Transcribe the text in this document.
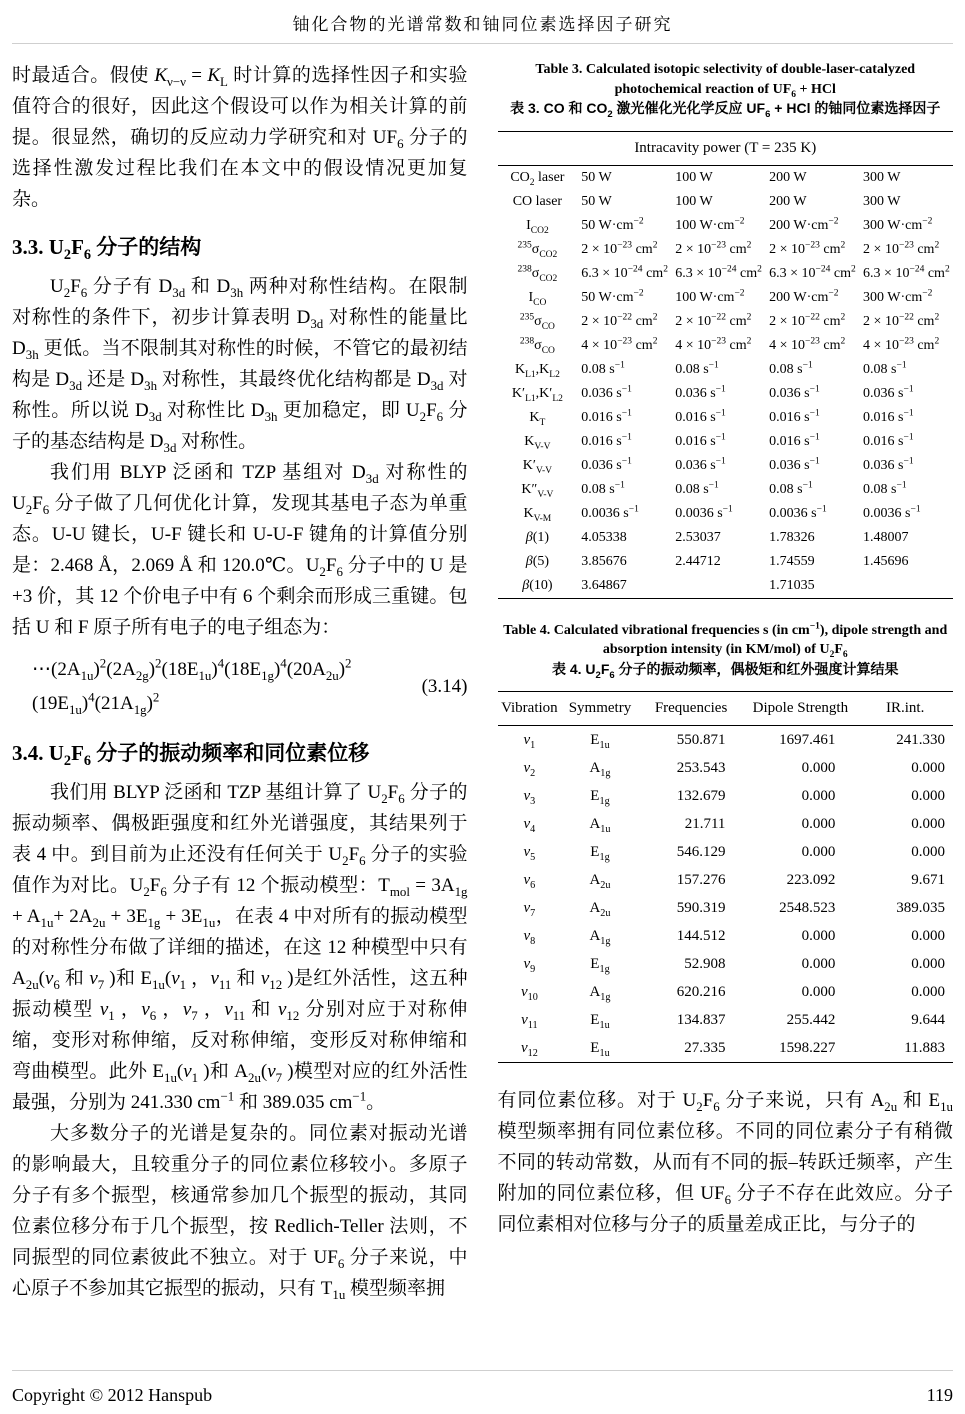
铀化合物的光谱常数和铀同位素选择因子研究

时最适合。假使 $K_{\nu-\nu} = K_L$ 时计算的选择性因子和实验值符合的很好，因此这个假设可以作为相关计算的前提。很显然，确切的反应动力学研究和对 $UF_6$ 分子的选择性激发过程比我们在本文中的假设情况更加复杂。

3.3. $U_2F_6$ 分子的结构

$U_2F_6$ 分子有 $D_{3d}$ 和 $D_{3h}$ 两种对称性结构。在限制对称性的条件下，初步计算表明 $D_{3d}$ 对称性的能量比 $D_{3h}$ 更低。当不限制其对称性的时候，不管它的最初结构是 $D_{3d}$ 还是 $D_{3h}$ 对称性，其最终优化结构都是 $D_{3d}$ 对称性。所以说 $D_{3d}$ 对称性比 $D_{3h}$ 更加稳定，即 $U_2F_6$ 分子的基态结构是 $D_{3d}$ 对称性。

我们用 BLYP 泛函和 TZP 基组对 $D_{3d}$ 对称性的 $U_2F_6$ 分子做了几何优化计算，发现其基电子态为单重态。U-U 键长，U-F 键长和 U-U-F 键角的计算值分别是：2.468 Å，2.069 Å 和 120.0℃。$U_2F_6$ 分子中的 U 是+3 价，其 12 个价电子中有 6 个剩余而形成三重键。包括 U 和 F 原子所有电子的电子组态为：

$\cdots(2A_{1u})^2(2A_{2g})^2(18E_{1u})^4(18E_{1g})^4(20A_{2u})^2$
$(19E_{1u})^4(21A_{1g})^2$
(3.14)
3.4. $U_2F_6$ 分子的振动频率和同位素位移

我们用 BLYP 泛函和 TZP 基组计算了 $U_2F_6$ 分子的振动频率、偶极距强度和红外光谱强度，其结果列于表 4 中。到目前为止还没有任何关于 $U_2F_6$ 分子的实验值作为对比。$U_2F_6$ 分子有 12 个振动模型：$T_{mol} = 3A_{1g} + A_{1u}+ 2A_{2u} + 3E_{1g} + 3E_{1u}$，在表 4 中对所有的振动模型的对称性分布做了详细的描述，在这 12 种模型中只有 $A_{2u}(\nu_6$ 和 $\nu_7$ )和 $E_{1u}(\nu_1$ ，$\nu_{11}$ 和 $\nu_{12}$ )是红外活性，这五种振动模型 $\nu_1$ ，$\nu_6$ ，$\nu_7$ ，$\nu_{11}$ 和 $\nu_{12}$ 分别对应于对称伸缩，变形对称伸缩，反对称伸缩，变形反对称伸缩和弯曲模型。此外 $E_{1u}(\nu_1$ )和 $A_{2u}(\nu_7$ )模型对应的红外活性最强，分别为 241.330 $cm^{-1}$ 和 389.035 $cm^{-1}$。

大多数分子的光谱是复杂的。同位素对振动光谱的影响最大，且较重分子的同位素位移较小。多原子分子有多个振型，核通常参加几个振型的振动，其同位素位移分布于几个振型，按 Redlich-Teller 法则，不同振型的同位素彼此不独立。对于 $UF_6$ 分子来说，中心原子不参加其它振型的振动，只有 $T_{1u}$ 模型频率拥

Table 3. Calculated isotopic selectivity of double-laser-catalyzed photochemical reaction of $UF_6$ + HCl
表 3. CO 和 $CO_2$ 激光催化光化学反应 $UF_6$ + HCl 的铀同位素选择因子
Intracavity power (T = 235 K)				
$CO_2$ laser	50 W	100 W	200 W	300 W
CO laser	50 W	100 W	200 W	300 W
$I_{CO2}$	50 $W\cdot cm^{-2}$	100 $W\cdot cm^{-2}$	200 $W\cdot cm^{-2}$	300 $W\cdot cm^{-2}$
$^{235}\sigma_{CO2}$	$2 \times 10^{-23}$ $cm^2$	$2 \times 10^{-23}$ $cm^2$	$2 \times 10^{-23}$ $cm^2$	$2 \times 10^{-23}$ $cm^2$
$^{238}\sigma_{CO2}$	$6.3 \times 10^{-24}$ $cm^2$	$6.3 \times 10^{-24}$ $cm^2$	$6.3 \times 10^{-24}$ $cm^2$	$6.3 \times 10^{-24}$ $cm^2$
$I_{CO}$	50 $W\cdot cm^{-2}$	100 $W\cdot cm^{-2}$	200 $W\cdot cm^{-2}$	300 $W\cdot cm^{-2}$
$^{235}\sigma_{CO}$	$2 \times 10^{-22}$ $cm^2$	$2 \times 10^{-22}$ $cm^2$	$2 \times 10^{-22}$ $cm^2$	$2 \times 10^{-22}$ $cm^2$
$^{238}\sigma_{CO}$	$4 \times 10^{-23}$ $cm^2$	$4 \times 10^{-23}$ $cm^2$	$4 \times 10^{-23}$ $cm^2$	$4 \times 10^{-23}$ $cm^2$
$K_{L1},K_{L2}$	0.08 $s^{-1}$	0.08 $s^{-1}$	0.08 $s^{-1}$	0.08 $s^{-1}$
$K'_{L1},K'_{L2}$	0.036 $s^{-1}$	0.036 $s^{-1}$	0.036 $s^{-1}$	0.036 $s^{-1}$
$K_T$	0.016 $s^{-1}$	0.016 $s^{-1}$	0.016 $s^{-1}$	0.016 $s^{-1}$
$K_{V-V}$	0.016 $s^{-1}$	0.016 $s^{-1}$	0.016 $s^{-1}$	0.016 $s^{-1}$
$K'_{V-V}$	0.036 $s^{-1}$	0.036 $s^{-1}$	0.036 $s^{-1}$	0.036 $s^{-1}$
$K''_{V-V}$	0.08 $s^{-1}$	0.08 $s^{-1}$	0.08 $s^{-1}$	0.08 $s^{-1}$
$K_{V-M}$	0.0036 $s^{-1}$	0.0036 $s^{-1}$	0.0036 $s^{-1}$	0.0036 $s^{-1}$
β(1)	4.05338	2.53037	1.78326	1.48007
β(5)	3.85676	2.44712	1.74559	1.45696
β(10)	3.64867		1.71035	
Table 4. Calculated vibrational frequencies s (in $cm^{-1}$), dipole strength and absorption intensity (in KM/mol) of $U_2F_6$
表 4. $U_2F_6$ 分子的振动频率，偶极矩和红外强度计算结果
Vibration	Symmetry	Frequencies	Dipole Strength	IR.int.
$\nu_1$	$E_{1u}$	550.871	1697.461	241.330
$\nu_2$	$A_{1g}$	253.543	0.000	0.000
$\nu_3$	$E_{1g}$	132.679	0.000	0.000
$\nu_4$	$A_{1u}$	21.711	0.000	0.000
$\nu_5$	$E_{1g}$	546.129	0.000	0.000
$\nu_6$	$A_{2u}$	157.276	223.092	9.671
$\nu_7$	$A_{2u}$	590.319	2548.523	389.035
$\nu_8$	$A_{1g}$	144.512	0.000	0.000
$\nu_9$	$E_{1g}$	52.908	0.000	0.000
$\nu_{10}$	$A_{1g}$	620.216	0.000	0.000
$\nu_{11}$	$E_{1u}$	134.837	255.442	9.644
$\nu_{12}$	$E_{1u}$	27.335	1598.227	11.883

有同位素位移。对于 $U_2F_6$ 分子来说，只有 $A_{2u}$ 和 $E_{1u}$ 模型频率拥有同位素位移。不同的同位素分子有稍微不同的转动常数，从而有不同的振–转跃迁频率，产生附加的同位素位移，但 $UF_6$ 分子不存在此效应。分子同位素相对位移与分子的质量差成正比，与分子的

Copyright © 2012 Hanspub	119
